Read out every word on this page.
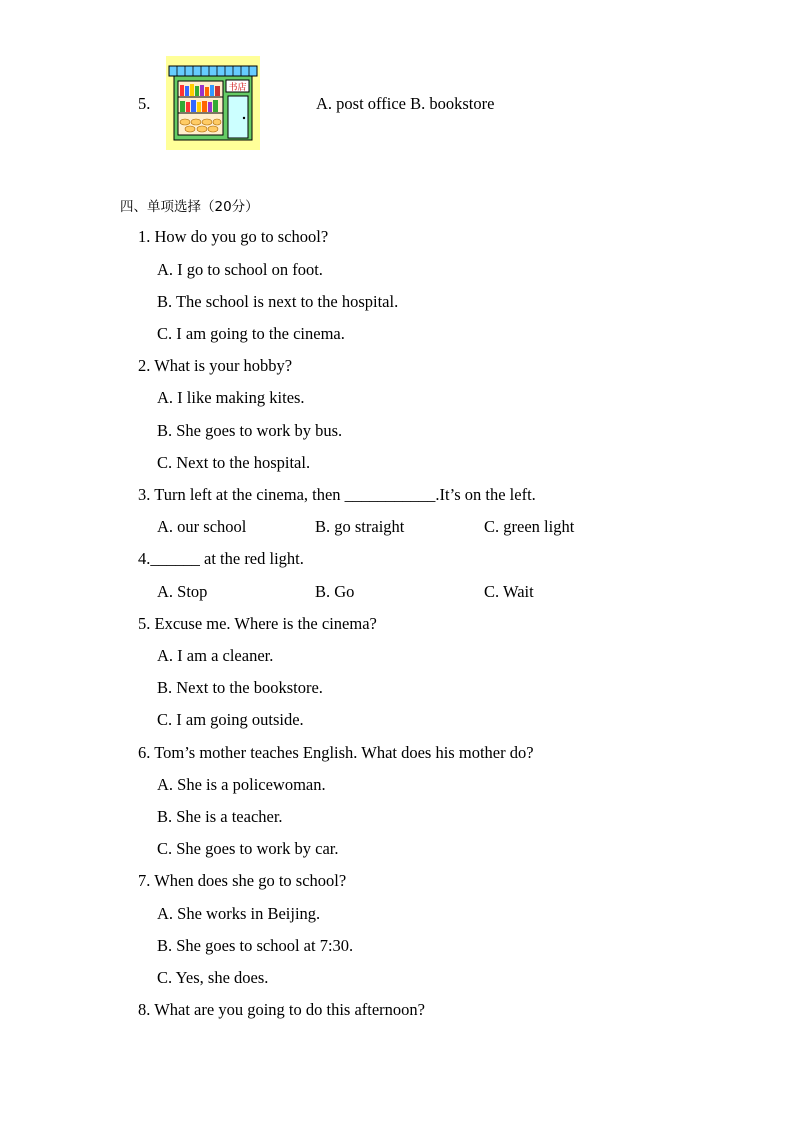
5.
书店
A. post office B. bookstore
四、单项选择（20分）
1. How do you go to school?
A. I go to school on foot.
B. The school is next to the hospital.
C. I am going to the cinema.
2. What is your hobby?
A. I like making kites.
B. She goes to work by bus.
C. Next to the hospital.
3. Turn left at the cinema, then ___________.It’s on the left.
A. our school	B. go straight	C. green light
4.______ at the red light.
A. Stop	B. Go	C. Wait
5. Excuse me. Where is the cinema?
A. I am a cleaner.
B. Next to the bookstore.
C. I am going outside.
6. Tom’s mother teaches English. What does his mother do?
A. She is a policewoman.
B. She is a teacher.
C. She goes to work by car.
7. When does she go to school?
A. She works in Beijing.
B. She goes to school at 7:30.
C. Yes, she does.
8. What are you going to do this afternoon?
